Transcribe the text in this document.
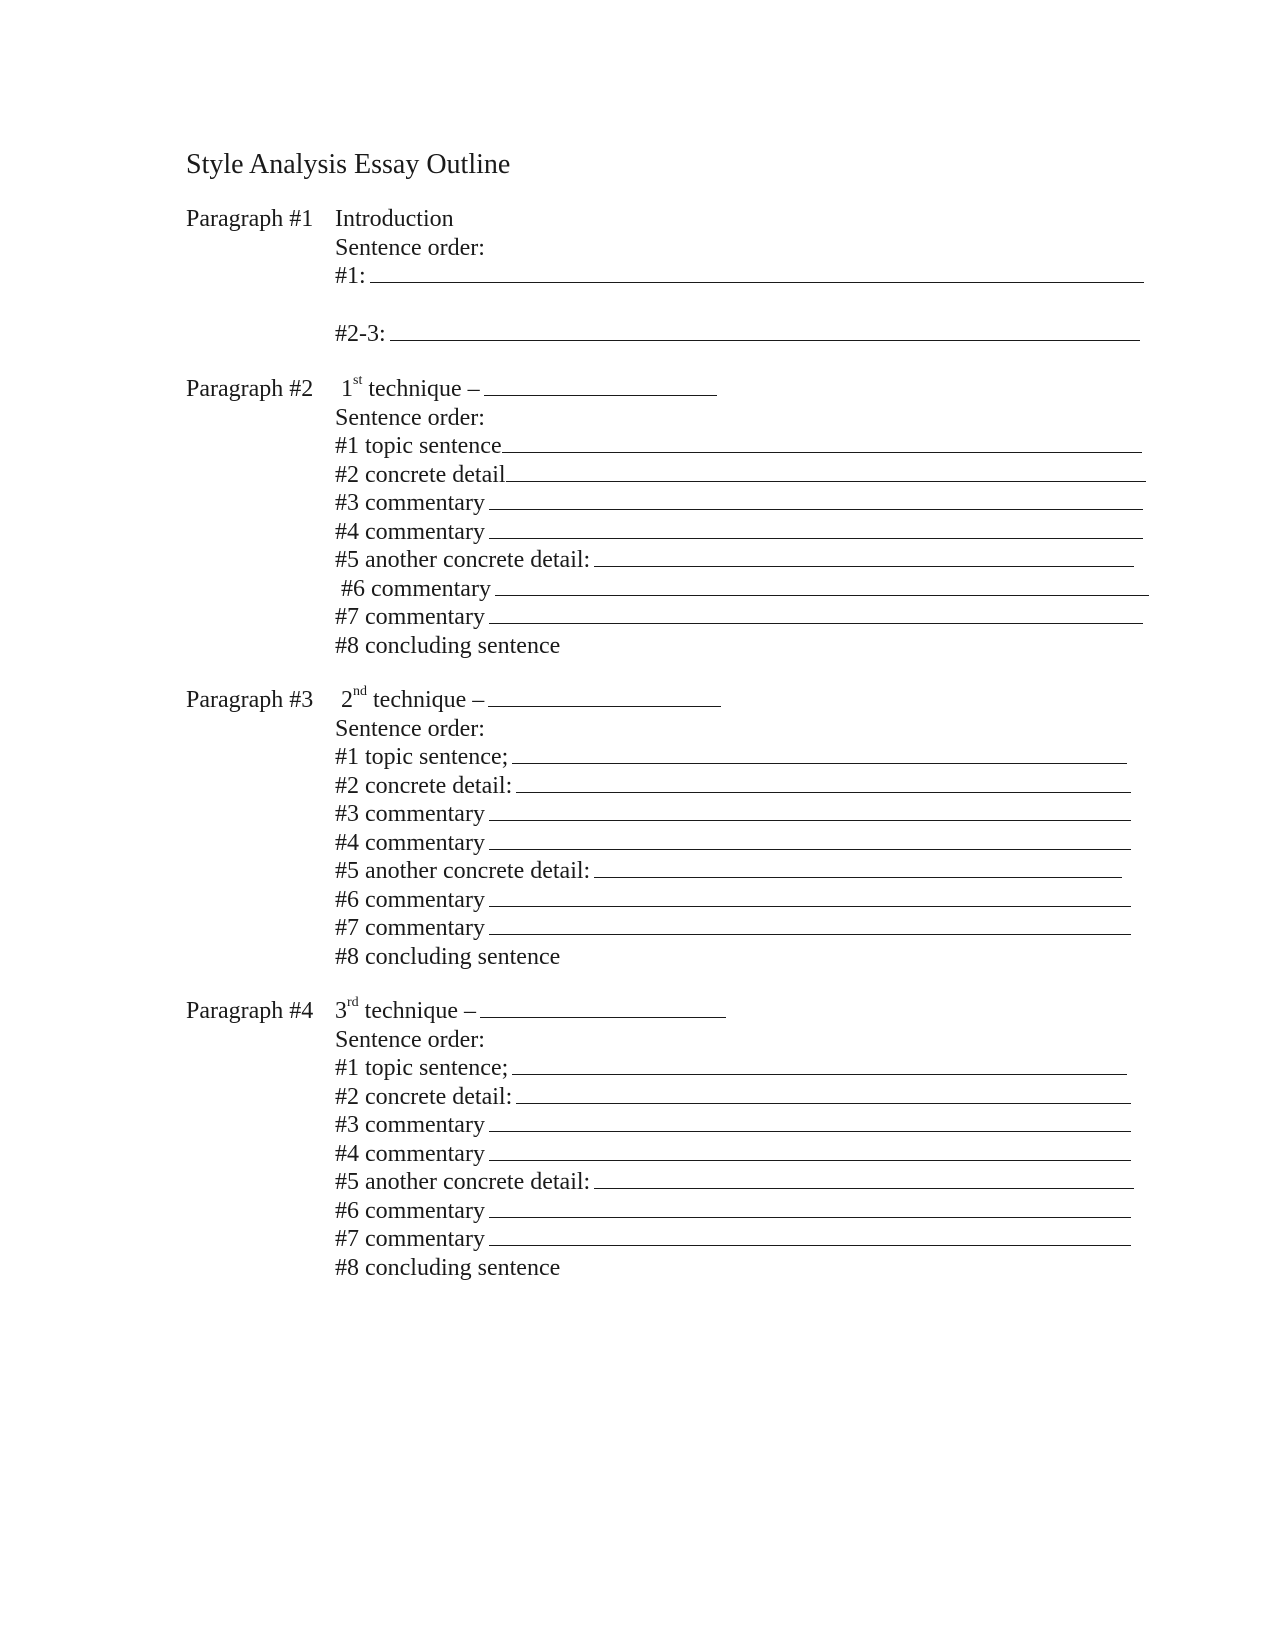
Style Analysis Essay Outline
Paragraph #1 Introduction
Sentence order:
#1:
#2-3:
Paragraph #2 1st technique –
Sentence order:
#1 topic sentence
#2 concrete detail
#3 commentary
#4 commentary
#5 another concrete detail:
#6 commentary
#7 commentary
#8 concluding sentence
Paragraph #3 2nd technique –
Sentence order:
#1 topic sentence;
#2 concrete detail:
#3 commentary
#4 commentary
#5 another concrete detail:
#6 commentary
#7 commentary
#8 concluding sentence
Paragraph #4 3rd technique –
Sentence order:
#1 topic sentence;
#2 concrete detail:
#3 commentary
#4 commentary
#5 another concrete detail:
#6 commentary
#7 commentary
#8 concluding sentence
